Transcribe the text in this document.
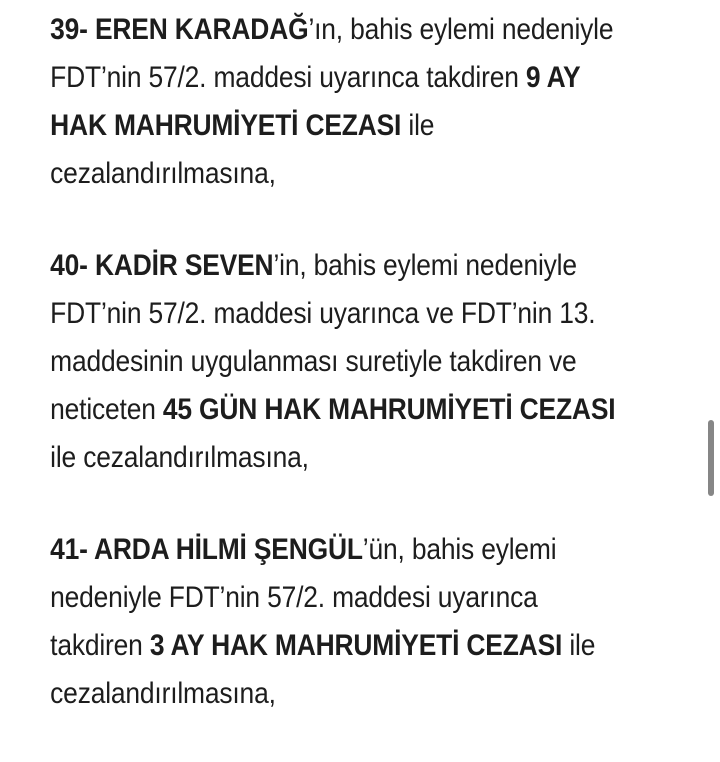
39- EREN KARADAĞ’ın, bahis eylemi nedeniyle
FDT’nin 57/2. maddesi uyarınca takdiren 9 AY
HAK MAHRUMİYETİ CEZASI ile
cezalandırılmasına,
40- KADİR SEVEN’in, bahis eylemi nedeniyle
FDT’nin 57/2. maddesi uyarınca ve FDT’nin 13.
maddesinin uygulanması suretiyle takdiren ve
neticeten 45 GÜN HAK MAHRUMİYETİ CEZASI
ile cezalandırılmasına,
41- ARDA HİLMİ ŞENGÜL’ün, bahis eylemi
nedeniyle FDT’nin 57/2. maddesi uyarınca
takdiren 3 AY HAK MAHRUMİYETİ CEZASI ile
cezalandırılmasına,
